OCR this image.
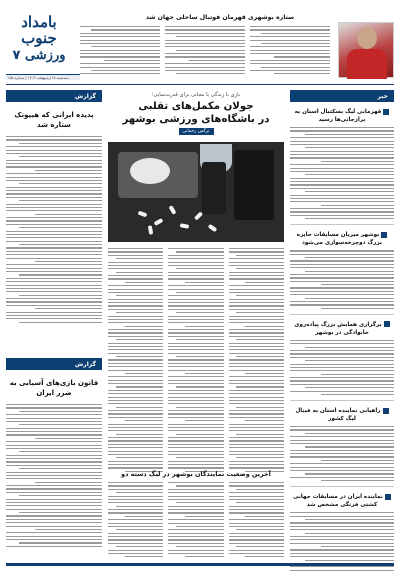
بامداد جنوب
ورزشی ۷
سه‌شنبه ۱۸ اردیبهشت ۱۴۰۳ | شماره ۱۵۸
ستاره بوشهری قهرمان فوتبال ساحلی جهان شد
گزارش
پدیده ایرانی که هیپوتک ستاره شد
گزارش
قانون بازی‌های آسیایی به ضرر ایران
بازی با زندگی با مجانی برای قدرت‌نمایی؛
جولان مکمل‌های تقلبی
در باشگاه‌های ورزشی بوشهر
نرگس رحمانی
آخرین وضعیت نمایندگان بوشهر در لیگ دسته دو
خبر
قهرمانی لیگ بسکتبال استان به برازجانی‌ها رسید
بوشهر میزبان مسابقات جایزه بزرگ دوچرخه‌سواری می‌شود
برگزاری همایش بزرگ پیاده‌روی خانوادگی در بوشهر
راهیابی نماینده استان به فینال لیگ کشور
نماینده ایران در مسابقات جهانی کشتی فرنگی مشخص شد
